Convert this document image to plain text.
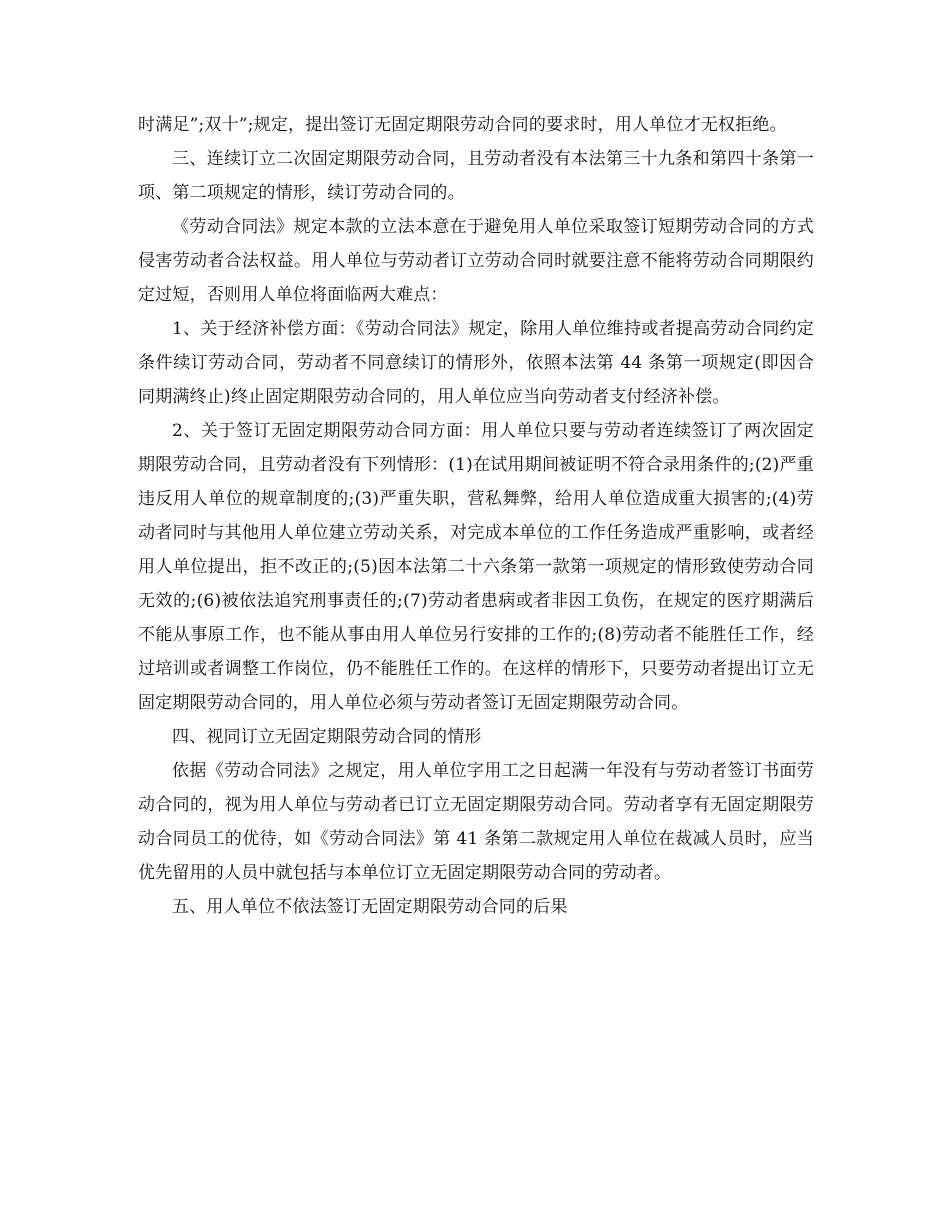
时满足”;双十”;规定，提出签订无固定期限劳动合同的要求时，用人单位才无权拒绝。

三、连续订立二次固定期限劳动合同，且劳动者没有本法第三十九条和第四十条第一项、第二项规定的情形，续订劳动合同的。

《劳动合同法》规定本款的立法本意在于避免用人单位采取签订短期劳动合同的方式侵害劳动者合法权益。用人单位与劳动者订立劳动合同时就要注意不能将劳动合同期限约定过短，否则用人单位将面临两大难点：

1、关于经济补偿方面：《劳动合同法》规定，除用人单位维持或者提高劳动合同约定条件续订劳动合同，劳动者不同意续订的情形外，依照本法第 44 条第一项规定(即因合同期满终止)终止固定期限劳动合同的，用人单位应当向劳动者支付经济补偿。

2、关于签订无固定期限劳动合同方面：用人单位只要与劳动者连续签订了两次固定期限劳动合同，且劳动者没有下列情形：(1)在试用期间被证明不符合录用条件的;(2)严重违反用人单位的规章制度的;(3)严重失职，营私舞弊，给用人单位造成重大损害的;(4)劳动者同时与其他用人单位建立劳动关系，对完成本单位的工作任务造成严重影响，或者经用人单位提出，拒不改正的;(5)因本法第二十六条第一款第一项规定的情形致使劳动合同无效的;(6)被依法追究刑事责任的;(7)劳动者患病或者非因工负伤，在规定的医疗期满后不能从事原工作，也不能从事由用人单位另行安排的工作的;(8)劳动者不能胜任工作，经过培训或者调整工作岗位，仍不能胜任工作的。在这样的情形下，只要劳动者提出订立无固定期限劳动合同的，用人单位必须与劳动者签订无固定期限劳动合同。

四、视同订立无固定期限劳动合同的情形

依据《劳动合同法》之规定，用人单位字用工之日起满一年没有与劳动者签订书面劳动合同的，视为用人单位与劳动者已订立无固定期限劳动合同。劳动者享有无固定期限劳动合同员工的优待，如《劳动合同法》第 41 条第二款规定用人单位在裁减人员时，应当优先留用的人员中就包括与本单位订立无固定期限劳动合同的劳动者。

五、用人单位不依法签订无固定期限劳动合同的后果
